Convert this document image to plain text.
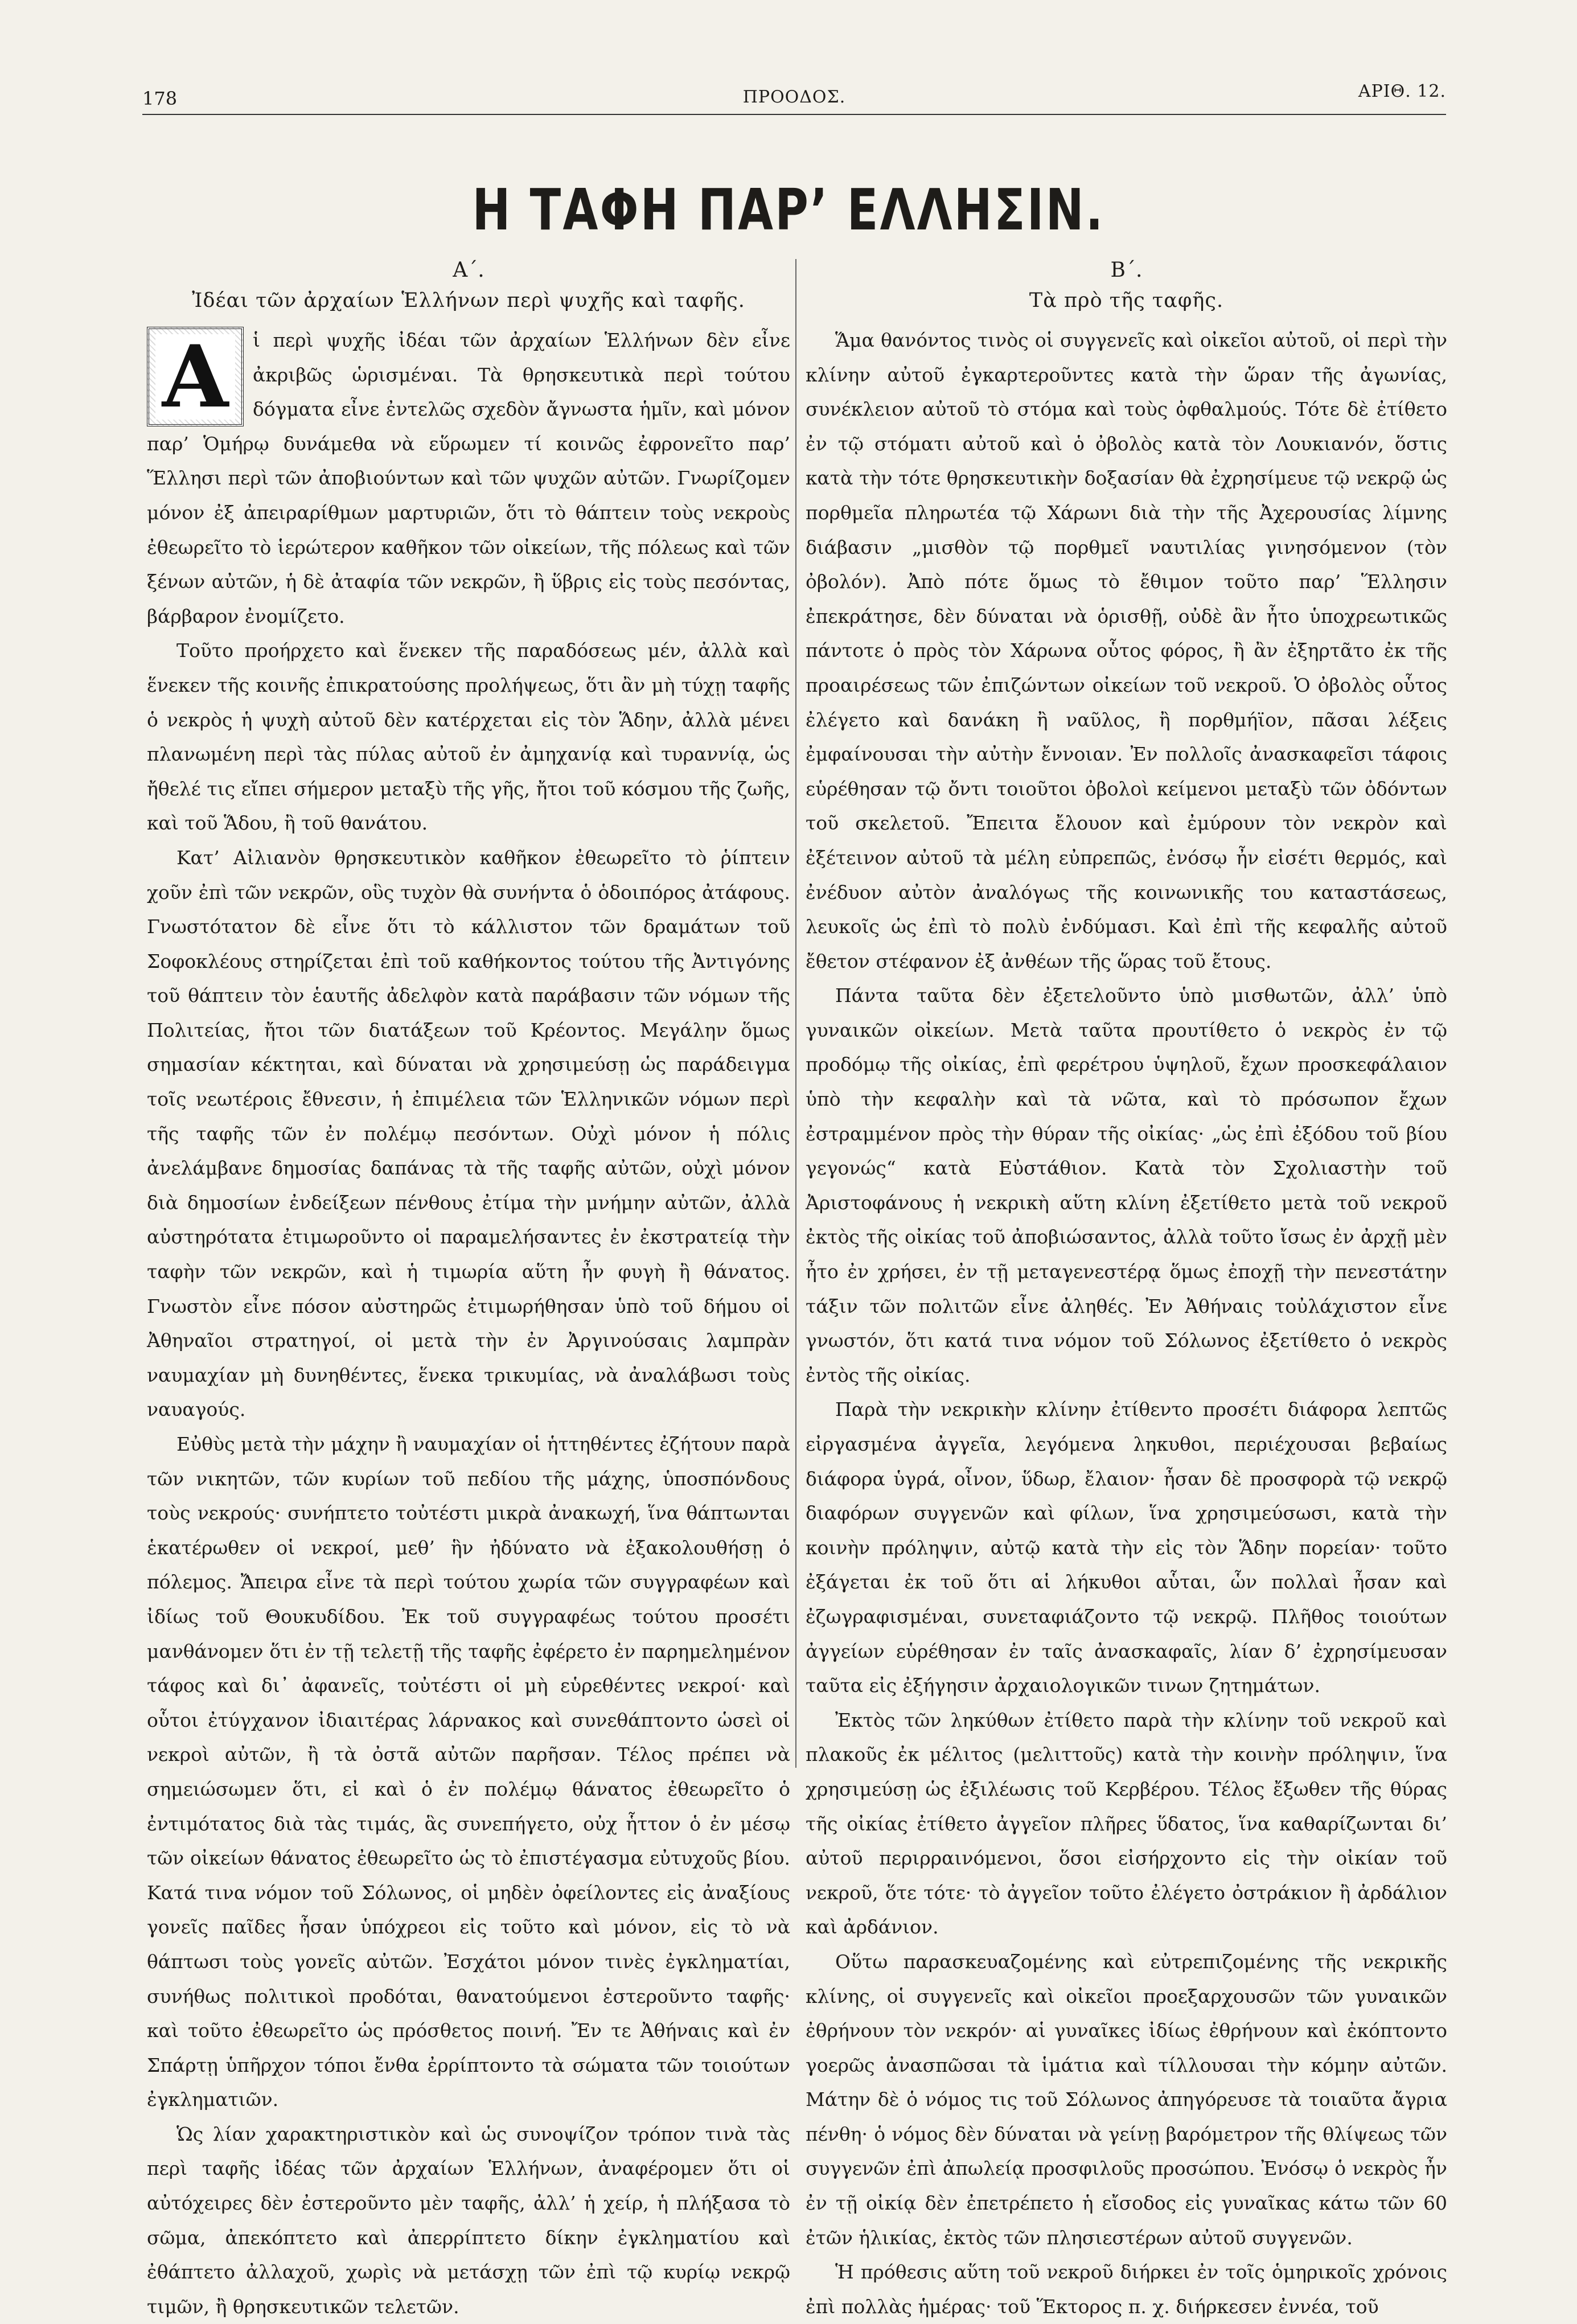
178	ΠΡΟΟΔΟΣ.	ΑΡΙΘ. 12.
Η ΤΑΦΗ ΠΑΡ’ ΕΛΛΗΣΙΝ.
Α΄.
Ἰδέαι τῶν ἀρχαίων Ἑλλήνων περὶ ψυχῆς καὶ ταφῆς.
Α	ἱ περὶ ψυχῆς ἰδέαι τῶν ἀρχαίων Ἑλλήνων δὲν εἶνε ἀκριβῶς ὡρισμέναι. Τὰ θρησκευτικὰ περὶ τούτου δόγματα εἶνε ἐντελῶς σχεδὸν ἄγνωστα ἡμῖν, καὶ μόνον παρ’ Ὁμήρῳ δυνάμεθα νὰ εὕρωμεν τί κοινῶς ἐφρονεῖτο παρ’ Ἕλλησι περὶ τῶν ἀποβιούντων καὶ τῶν ψυχῶν αὐτῶν. Γνωρίζομεν μόνον ἐξ ἀπειραρίθμων μαρτυριῶν, ὅτι τὸ θάπτειν τοὺς νεκροὺς ἐθεωρεῖτο τὸ ἱερώτερον καθῆκον τῶν οἰκείων, τῆς πόλεως καὶ τῶν ξένων αὐτῶν, ἡ δὲ ἀταφία τῶν νεκρῶν, ἢ ὕβρις εἰς τοὺς πεσόντας, βάρβαρον ἐνομίζετο.

Τοῦτο προήρχετο καὶ ἕνεκεν τῆς παραδόσεως μέν, ἀλλὰ καὶ ἕνεκεν τῆς κοινῆς ἐπικρατούσης προλήψεως, ὅτι ἂν μὴ τύχῃ ταφῆς ὁ νεκρὸς ἡ ψυχὴ αὐτοῦ δὲν κατέρχεται εἰς τὸν Ἅδην, ἀλλὰ μένει πλανωμένη περὶ τὰς πύλας αὐτοῦ ἐν ἀμηχανίᾳ καὶ τυραννίᾳ, ὡς ἤθελέ τις εἴπει σήμερον μεταξὺ τῆς γῆς, ἤτοι τοῦ κόσμου τῆς ζωῆς, καὶ τοῦ Ἅδου, ἢ τοῦ θανάτου.

Κατ’ Αἰλιανὸν θρησκευτικὸν καθῆκον ἐθεωρεῖτο τὸ ῥίπτειν χοῦν ἐπὶ τῶν νεκρῶν, οὓς τυχὸν θὰ συνήντα ὁ ὁδοιπόρος ἀτάφους. Γνωστότατον δὲ εἶνε ὅτι τὸ κάλλιστον τῶν δραμάτων τοῦ Σοφοκλέους στηρίζεται ἐπὶ τοῦ καθήκοντος τούτου τῆς Ἀντιγόνης τοῦ θάπτειν τὸν ἑαυτῆς ἀδελφὸν κατὰ παράβασιν τῶν νόμων τῆς Πολιτείας, ἤτοι τῶν διατάξεων τοῦ Κρέοντος. Μεγάλην ὅμως σημασίαν κέκτηται, καὶ δύναται νὰ χρησιμεύσῃ ὡς παράδειγμα τοῖς νεωτέροις ἔθνεσιν, ἡ ἐπιμέλεια τῶν Ἑλληνικῶν νόμων περὶ τῆς ταφῆς τῶν ἐν πολέμῳ πεσόντων. Οὐχὶ μόνον ἡ πόλις ἀνελάμβανε δημοσίας δαπάνας τὰ τῆς ταφῆς αὐτῶν, οὐχὶ μόνον διὰ δημοσίων ἐνδείξεων πένθους ἐτίμα τὴν μνήμην αὐτῶν, ἀλλὰ αὐστηρότατα ἐτιμωροῦντο οἱ παραμελήσαντες ἐν ἐκστρατείᾳ τὴν ταφὴν τῶν νεκρῶν, καὶ ἡ τιμωρία αὕτη ἦν φυγὴ ἢ θάνατος. Γνωστὸν εἶνε πόσον αὐστηρῶς ἐτιμωρήθησαν ὑπὸ τοῦ δήμου οἱ Ἀθηναῖοι στρατηγοί, οἱ μετὰ τὴν ἐν Ἀργινούσαις λαμπρὰν ναυμαχίαν μὴ δυνηθέντες, ἕνεκα τρικυμίας, νὰ ἀναλάβωσι τοὺς ναυαγούς.

Εὐθὺς μετὰ τὴν μάχην ἢ ναυμαχίαν οἱ ἡττηθέντες ἐζήτουν παρὰ τῶν νικητῶν, τῶν κυρίων τοῦ πεδίου τῆς μάχης, ὑποσπόνδους τοὺς νεκρούς· συνήπτετο τοὐτέστι μικρὰ ἀνακωχή, ἵνα θάπτωνται ἑκατέρωθεν οἱ νεκροί, μεθ’ ἣν ἠδύνατο νὰ ἐξακολουθήσῃ ὁ πόλεμος. Ἄπειρα εἶνε τὰ περὶ τούτου χωρία τῶν συγγραφέων καὶ ἰδίως τοῦ Θουκυδίδου. Ἐκ τοῦ συγγραφέως τούτου προσέτι μανθάνομεν ὅτι ἐν τῇ τελετῇ τῆς ταφῆς ἐφέρετο ἐν παρημελημένον τάφος καὶ δι᾽ ἀφανεῖς, τοὐτέστι οἱ μὴ εὑρεθέντες νεκροί· καὶ οὗτοι ἐτύγχανον ἰδιαιτέρας λάρνακος καὶ συνεθάπτοντο ὡσεὶ οἱ νεκροὶ αὐτῶν, ἢ τὰ ὀστᾶ αὐτῶν παρῆσαν. Τέλος πρέπει νὰ σημειώσωμεν ὅτι, εἰ καὶ ὁ ἐν πολέμῳ θάνατος ἐθεωρεῖτο ὁ ἐντιμότατος διὰ τὰς τιμάς, ἃς συνεπήγετο, οὐχ ἧττον ὁ ἐν μέσῳ τῶν οἰκείων θάνατος ἐθεωρεῖτο ὡς τὸ ἐπιστέγασμα εὐτυχοῦς βίου. Κατά τινα νόμον τοῦ Σόλωνος, οἱ μηδὲν ὀφείλοντες εἰς ἀναξίους γονεῖς παῖδες ἦσαν ὑπόχρεοι εἰς τοῦτο καὶ μόνον, εἰς τὸ νὰ θάπτωσι τοὺς γονεῖς αὐτῶν. Ἐσχάτοι μόνον τινὲς ἐγκληματίαι, συνήθως πολιτικοὶ προδόται, θανατούμενοι ἐστεροῦντο ταφῆς· καὶ τοῦτο ἐθεωρεῖτο ὡς πρόσθετος ποινή. Ἔν τε Ἀθήναις καὶ ἐν Σπάρτῃ ὑπῆρχον τόποι ἔνθα ἐρρίπτοντο τὰ σώματα τῶν τοιούτων ἐγκληματιῶν.

Ὡς λίαν χαρακτηριστικὸν καὶ ὡς συνοψίζον τρόπον τινὰ τὰς περὶ ταφῆς ἰδέας τῶν ἀρχαίων Ἑλλήνων, ἀναφέρομεν ὅτι οἱ αὐτόχειρες δὲν ἐστεροῦντο μὲν ταφῆς, ἀλλ’ ἡ χείρ, ἡ πλήξασα τὸ σῶμα, ἀπεκόπτετο καὶ ἀπερρίπτετο δίκην ἐγκληματίου καὶ ἐθάπτετο ἀλλαχοῦ, χωρὶς νὰ μετάσχῃ τῶν ἐπὶ τῷ κυρίῳ νεκρῷ τιμῶν, ἢ θρησκευτικῶν τελετῶν.

Β΄.
Τὰ πρὸ τῆς ταφῆς.

Ἅμα θανόντος τινὸς οἱ συγγενεῖς καὶ οἰκεῖοι αὐτοῦ, οἱ περὶ τὴν κλίνην αὐτοῦ ἐγκαρτεροῦντες κατὰ τὴν ὥραν τῆς ἀγωνίας, συνέκλειον αὐτοῦ τὸ στόμα καὶ τοὺς ὀφθαλμούς. Τότε δὲ ἐτίθετο ἐν τῷ στόματι αὐτοῦ καὶ ὁ ὀβολὸς κατὰ τὸν Λουκιανόν, ὅστις κατὰ τὴν τότε θρησκευτικὴν δοξασίαν θὰ ἐχρησίμευε τῷ νεκρῷ ὡς πορθμεῖα πληρωτέα τῷ Χάρωνι διὰ τὴν τῆς Ἀχερουσίας λίμνης διάβασιν „μισθὸν τῷ πορθμεῖ ναυτιλίας γινησόμενον (τὸν ὀβολόν). Ἀπὸ πότε ὅμως τὸ ἔθιμον τοῦτο παρ’ Ἕλλησιν ἐπεκράτησε, δὲν δύναται νὰ ὁρισθῇ, οὐδὲ ἂν ἦτο ὑποχρεωτικῶς πάντοτε ὁ πρὸς τὸν Χάρωνα οὗτος φόρος, ἢ ἂν ἐξηρτᾶτο ἐκ τῆς προαιρέσεως τῶν ἐπιζώντων οἰκείων τοῦ νεκροῦ. Ὁ ὀβολὸς οὗτος ἐλέγετο καὶ δανάκη ἢ ναῦλος, ἢ πορθμήϊον, πᾶσαι λέξεις ἐμφαίνουσαι τὴν αὐτὴν ἔννοιαν. Ἐν πολλοῖς ἀνασκαφεῖσι τάφοις εὑρέθησαν τῷ ὄντι τοιοῦτοι ὀβολοὶ κείμενοι μεταξὺ τῶν ὀδόντων τοῦ σκελετοῦ. Ἔπειτα ἔλουον καὶ ἐμύρουν τὸν νεκρὸν καὶ ἐξέτεινον αὐτοῦ τὰ μέλη εὐπρεπῶς, ἐνόσῳ ἦν εἰσέτι θερμός, καὶ ἐνέδυον αὐτὸν ἀναλόγως τῆς κοινωνικῆς του καταστάσεως, λευκοῖς ὡς ἐπὶ τὸ πολὺ ἐνδύμασι. Καὶ ἐπὶ τῆς κεφαλῆς αὐτοῦ ἔθετον στέφανον ἐξ ἀνθέων τῆς ὥρας τοῦ ἔτους.

Πάντα ταῦτα δὲν ἐξετελοῦντο ὑπὸ μισθωτῶν, ἀλλ’ ὑπὸ γυναικῶν οἰκείων. Μετὰ ταῦτα προυτίθετο ὁ νεκρὸς ἐν τῷ προδόμῳ τῆς οἰκίας, ἐπὶ φερέτρου ὑψηλοῦ, ἔχων προσκεφάλαιον ὑπὸ τὴν κεφαλὴν καὶ τὰ νῶτα, καὶ τὸ πρόσωπον ἔχων ἐστραμμένον πρὸς τὴν θύραν τῆς οἰκίας· „ὡς ἐπὶ ἐξόδου τοῦ βίου γεγονώς“ κατὰ Εὐστάθιον. Κατὰ τὸν Σχολιαστὴν τοῦ Ἀριστοφάνους ἡ νεκρικὴ αὕτη κλίνη ἐξετίθετο μετὰ τοῦ νεκροῦ ἐκτὸς τῆς οἰκίας τοῦ ἀποβιώσαντος, ἀλλὰ τοῦτο ἴσως ἐν ἀρχῇ μὲν ἦτο ἐν χρήσει, ἐν τῇ μεταγενεστέρᾳ ὅμως ἐποχῇ τὴν πενεστάτην τάξιν τῶν πολιτῶν εἶνε ἀληθές. Ἐν Ἀθήναις τοὐλάχιστον εἶνε γνωστόν, ὅτι κατά τινα νόμον τοῦ Σόλωνος ἐξετίθετο ὁ νεκρὸς ἐντὸς τῆς οἰκίας.

Παρὰ τὴν νεκρικὴν κλίνην ἐτίθεντο προσέτι διάφορα λεπτῶς εἰργασμένα ἀγγεῖα, λεγόμενα ληκυθοι, περιέχουσαι βεβαίως διάφορα ὑγρά, οἶνον, ὕδωρ, ἔλαιον· ἦσαν δὲ προσφορὰ τῷ νεκρῷ διαφόρων συγγενῶν καὶ φίλων, ἵνα χρησιμεύσωσι, κατὰ τὴν κοινὴν πρόληψιν, αὐτῷ κατὰ τὴν εἰς τὸν Ἅδην πορείαν· τοῦτο ἐξάγεται ἐκ τοῦ ὅτι αἱ λήκυθοι αὗται, ὧν πολλαὶ ἦσαν καὶ ἐζωγραφισμέναι, συνεταφιάζοντο τῷ νεκρῷ. Πλῆθος τοιούτων ἀγγείων εὑρέθησαν ἐν ταῖς ἀνασκαφαῖς, λίαν δ’ ἐχρησίμευσαν ταῦτα εἰς ἐξήγησιν ἀρχαιολογικῶν τινων ζητημάτων.

Ἐκτὸς τῶν ληκύθων ἐτίθετο παρὰ τὴν κλίνην τοῦ νεκροῦ καὶ πλακοῦς ἐκ μέλιτος (μελιττοῦς) κατὰ τὴν κοινὴν πρόληψιν, ἵνα χρησιμεύσῃ ὡς ἐξιλέωσις τοῦ Κερβέρου. Τέλος ἔξωθεν τῆς θύρας τῆς οἰκίας ἐτίθετο ἀγγεῖον πλῆρες ὕδατος, ἵνα καθαρίζωνται δι’ αὐτοῦ περιρραινόμενοι, ὅσοι εἰσήρχοντο εἰς τὴν οἰκίαν τοῦ νεκροῦ, ὅτε τότε· τὸ ἀγγεῖον τοῦτο ἐλέγετο ὀστράκιον ἢ ἀρδάλιον καὶ ἀρδάνιον.

Οὕτω παρασκευαζομένης καὶ εὐτρεπιζομένης τῆς νεκρικῆς κλίνης, οἱ συγγενεῖς καὶ οἰκεῖοι προεξαρχουσῶν τῶν γυναικῶν ἐθρήνουν τὸν νεκρόν· αἱ γυναῖκες ἰδίως ἐθρήνουν καὶ ἐκόπτοντο γοερῶς ἀνασπῶσαι τὰ ἱμάτια καὶ τίλλουσαι τὴν κόμην αὐτῶν. Μάτην δὲ ὁ νόμος τις τοῦ Σόλωνος ἀπηγόρευσε τὰ τοιαῦτα ἄγρια πένθη· ὁ νόμος δὲν δύναται νὰ γείνῃ βαρόμετρον τῆς θλίψεως τῶν συγγενῶν ἐπὶ ἀπωλείᾳ προσφιλοῦς προσώπου. Ἐνόσῳ ὁ νεκρὸς ἦν ἐν τῇ οἰκίᾳ δὲν ἐπετρέπετο ἡ εἴσοδος εἰς γυναῖκας κάτω τῶν 60 ἐτῶν ἡλικίας, ἐκτὸς τῶν πλησιεστέρων αὐτοῦ συγγενῶν.

Ἡ πρόθεσις αὕτη τοῦ νεκροῦ διήρκει ἐν τοῖς ὁμηρικοῖς χρόνοις ἐπὶ πολλὰς ἡμέρας· τοῦ Ἕκτορος π. χ. διήρκεσεν ἐννέα, τοῦ
